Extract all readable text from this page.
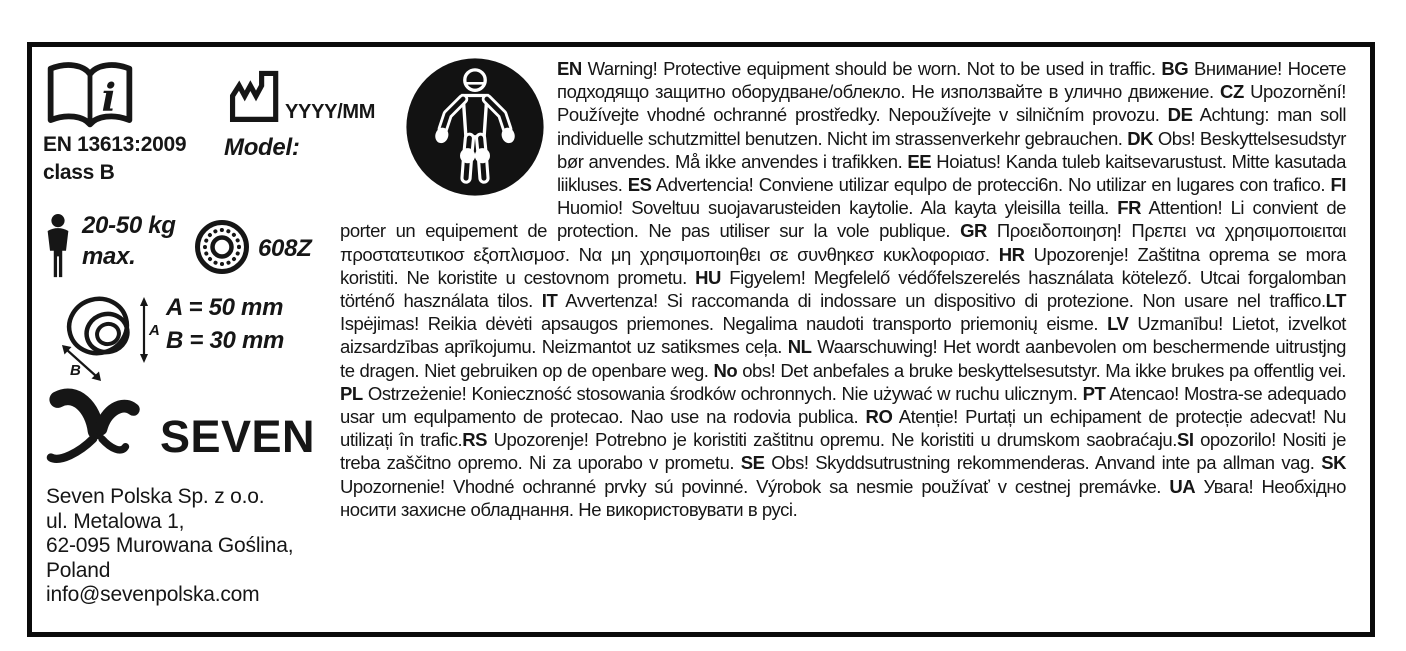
i
EN 13613:2009
class B
YYYY/MM
Model:
20-50 kg
max.	608Z
A
B
A = 50 mm
B = 30 mm
SEVEN
Seven Polska Sp. z o.o.
ul. Metalowa 1,
62-095 Murowana Goślina,
Poland
info@sevenpolska.com
EN Warning! Protective equipment should be worn. Not to be used in traffic. BG Внимание! Носете подходящо защитно оборудване/облекло. Не използвайте в улично движение. CZ Upozornění! Používejte vhodné ochranné prostředky. Nepoužívejte v silničním provozu. DE Achtung: man soll individuelle schutzmittel benutzen. Nicht im strassenverkehr gebrauchen. DK Obs! Beskyttelsesudstyr bør anvendes. Må ikke anvendes i trafikken. EE Hoiatus! Kanda tuleb kaitsevarustust. Mitte kasutada liikluses. ES Advertencia! Conviene utilizar equlpo de protecci6n. No utilizar en lugares con trafico. FI Huomio! Soveltuu suojavarusteiden kaytolie. Ala kayta yleisilla teilla. FR Attention! Li convient de porter un equipement de protection. Ne pas utiliser sur la vole publique. GR Προειδοποιηση! Πρεπει να χρησιμοποιειται προστατευτικοσ εξοπλισμοσ. Να μη χρησιμοποιηθει σε συνθηκεσ κυκλοφοριασ. HR Upozorenje! Zaštitna oprema se mora koristiti. Ne koristite u cestovnom prometu. HU Figyelem! Megfelelő védőfelszerelés használata kötelező. Utcai forgalomban történő használata tilos. IT Avvertenza! Si raccomanda di indossare un dispositivo di protezione. Non usare nel traffico.LT Ispėjimas! Reikia dėvėti apsaugos priemones. Negalima naudoti transporto priemonių eisme. LV Uzmanību! Lietot, izvelkot aizsardzības aprīkojumu. Neizmantot uz satiksmes ceļa. NL Waarschuwing! Het wordt aanbevolen om beschermende uitrustjng te dragen. Niet gebruiken op de openbare weg. No obs! Det anbefales a bruke beskyttelsesutstyr. Ma ikke brukes pa offentlig vei. PL Ostrzeżenie! Konieczność stosowania środków ochronnych. Nie używać w ruchu ulicznym. PT Atencao! Mostra-se adequado usar um equlpamento de protecao. Nao use na rodovia publica. RO Atenție! Purtați un echipament de protecție adecvat! Nu utilizați în trafic.RS Upozorenje! Potrebno je koristiti zaštitnu opremu. Ne koristiti u drumskom saobraćaju.SI opozorilo! Nositi je treba zaščitno opremo. Ni za uporabo v prometu. SE Obs! Skyddsutrustning rekommenderas. Anvand inte pa allman vag. SK Upozornenie! Vhodné ochranné prvky sú povinné. Výrobok sa nesmie používať v cestnej premávke. UA Увага! Необхідно носити захисне обладнання. Не використовувати в русі.
